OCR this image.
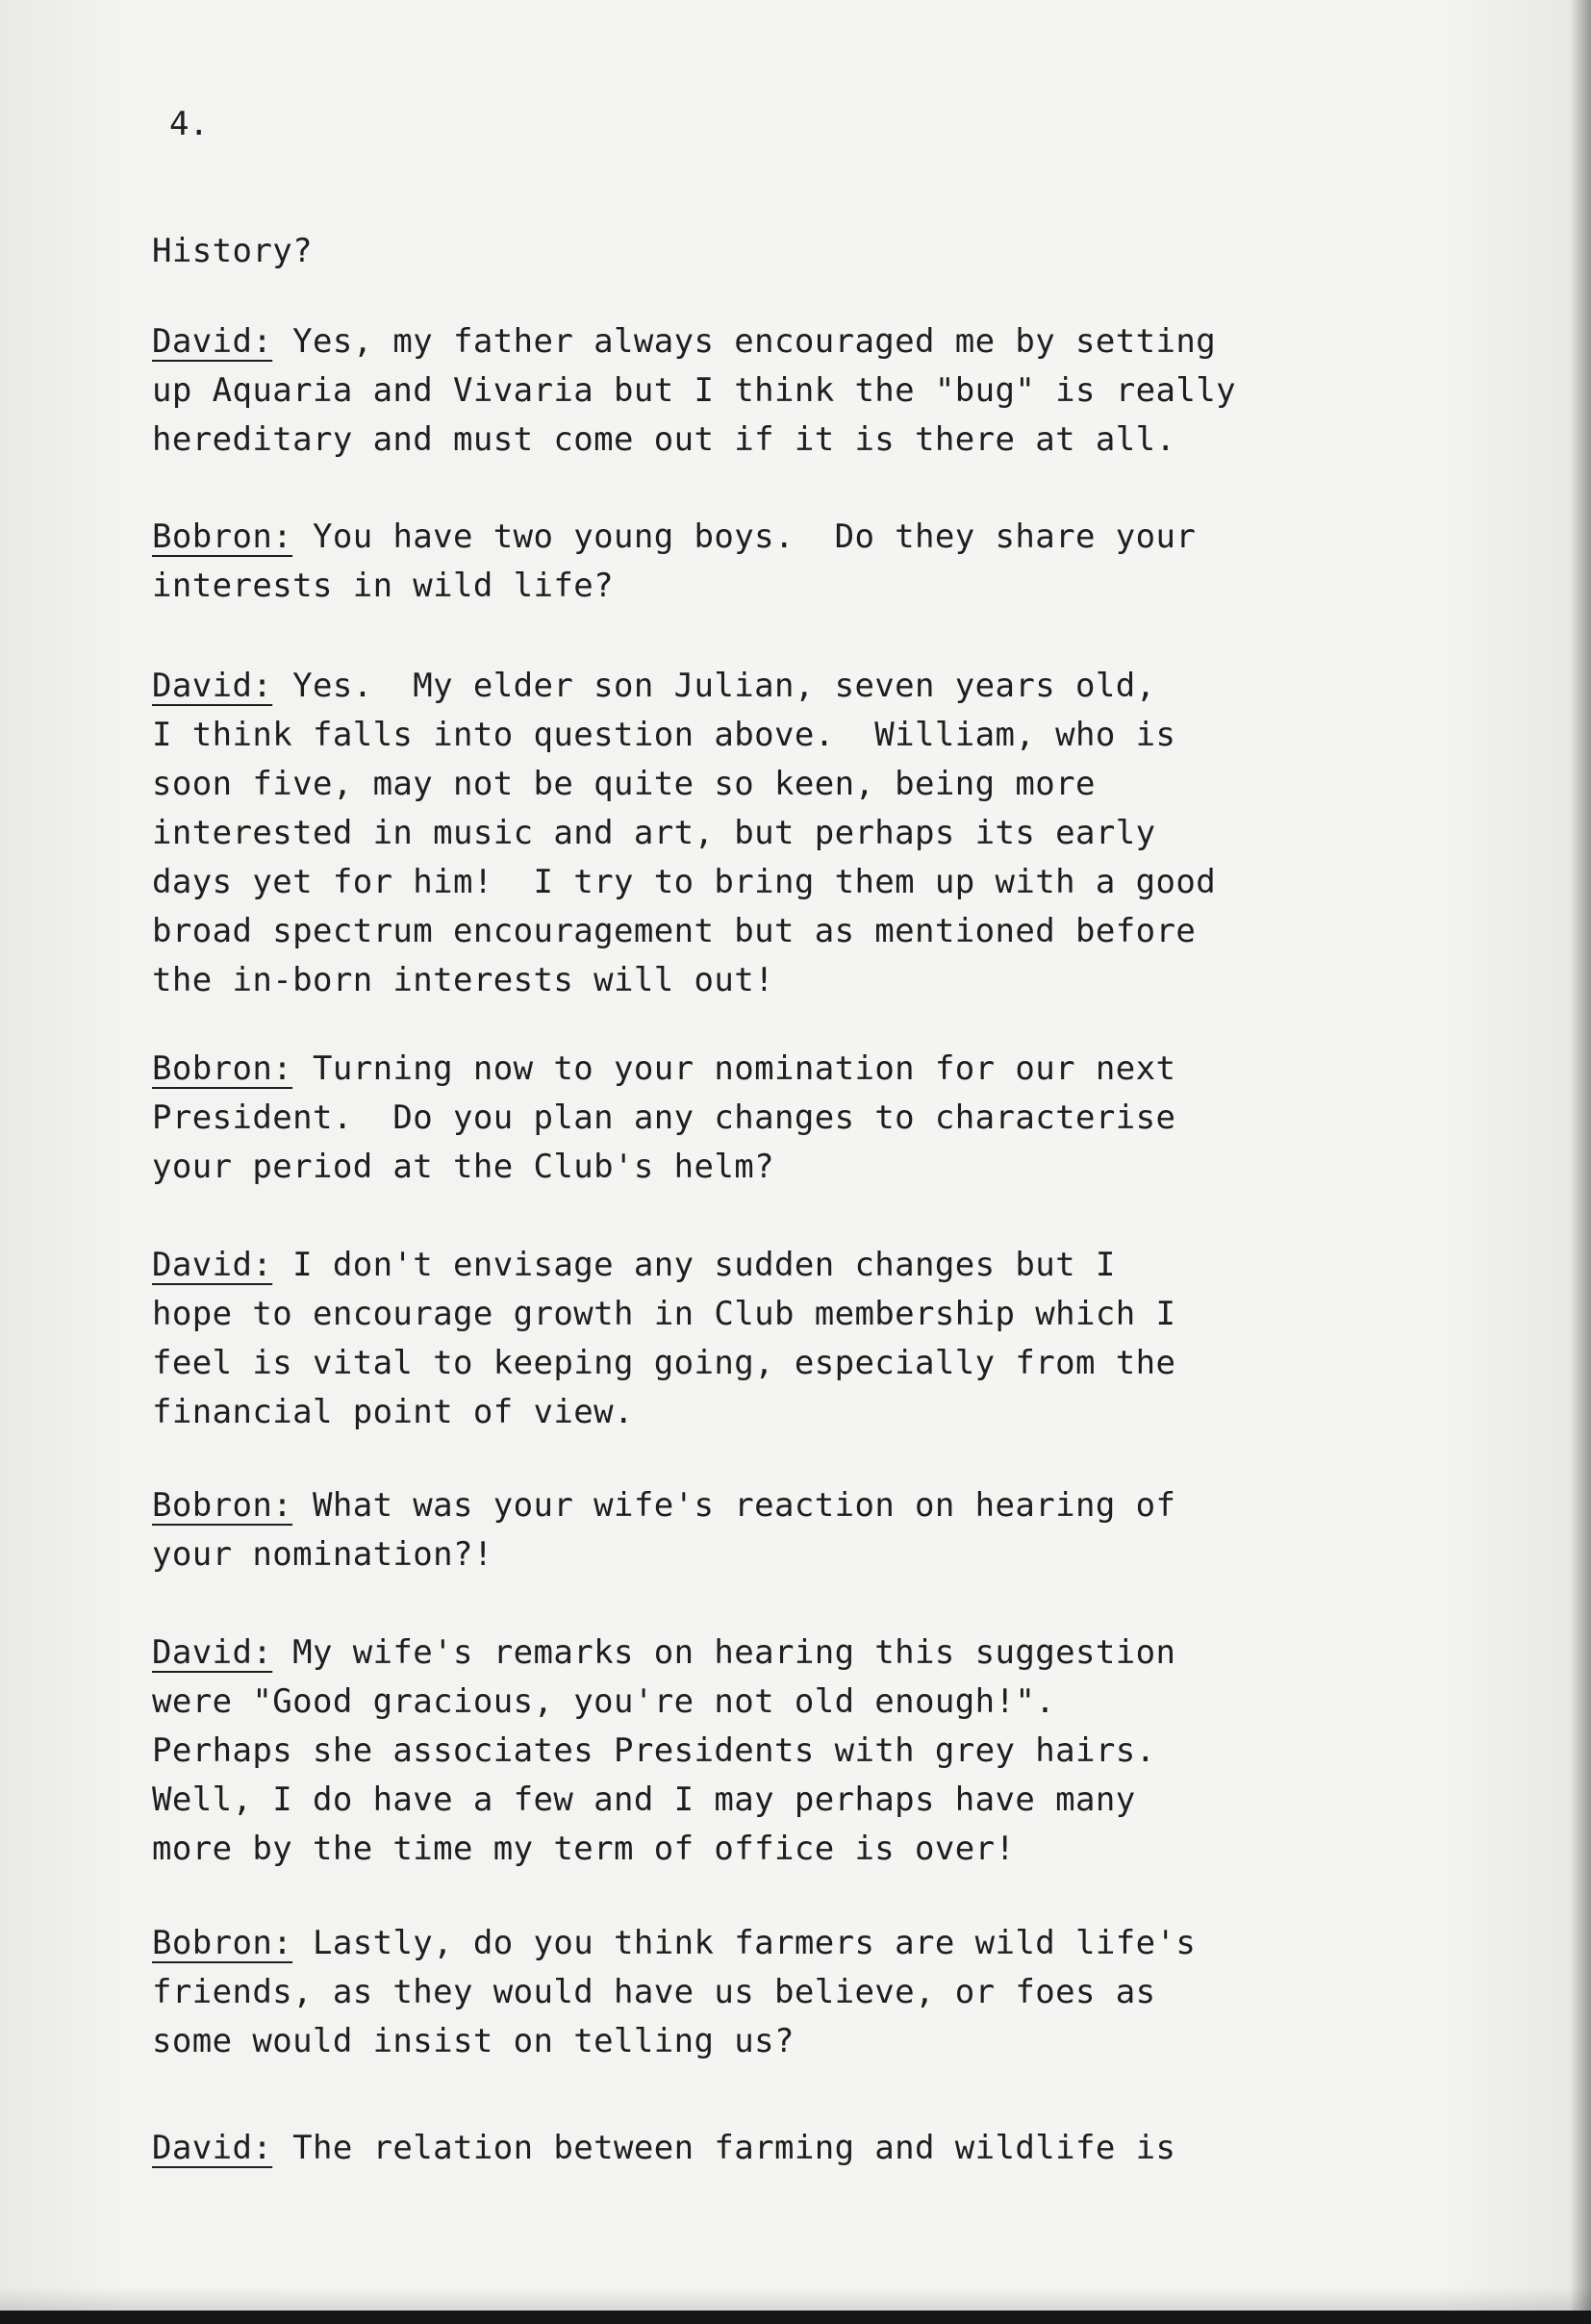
4.

History?

David: Yes, my father always encouraged me by setting
up Aquaria and Vivaria but I think the "bug" is really
hereditary and must come out if it is there at all.

Bobron: You have two young boys.  Do they share your
interests in wild life?

David: Yes.  My elder son Julian, seven years old,
I think falls into question above.  William, who is
soon five, may not be quite so keen, being more
interested in music and art, but perhaps its early
days yet for him!  I try to bring them up with a good
broad spectrum encouragement but as mentioned before
the in-born interests will out!

Bobron: Turning now to your nomination for our next
President.  Do you plan any changes to characterise
your period at the Club's helm?

David: I don't envisage any sudden changes but I
hope to encourage growth in Club membership which I
feel is vital to keeping going, especially from the
financial point of view.

Bobron: What was your wife's reaction on hearing of
your nomination?!

David: My wife's remarks on hearing this suggestion
were "Good gracious, you're not old enough!".
Perhaps she associates Presidents with grey hairs.
Well, I do have a few and I may perhaps have many
more by the time my term of office is over!

Bobron: Lastly, do you think farmers are wild life's
friends, as they would have us believe, or foes as
some would insist on telling us?

David: The relation between farming and wildlife is
